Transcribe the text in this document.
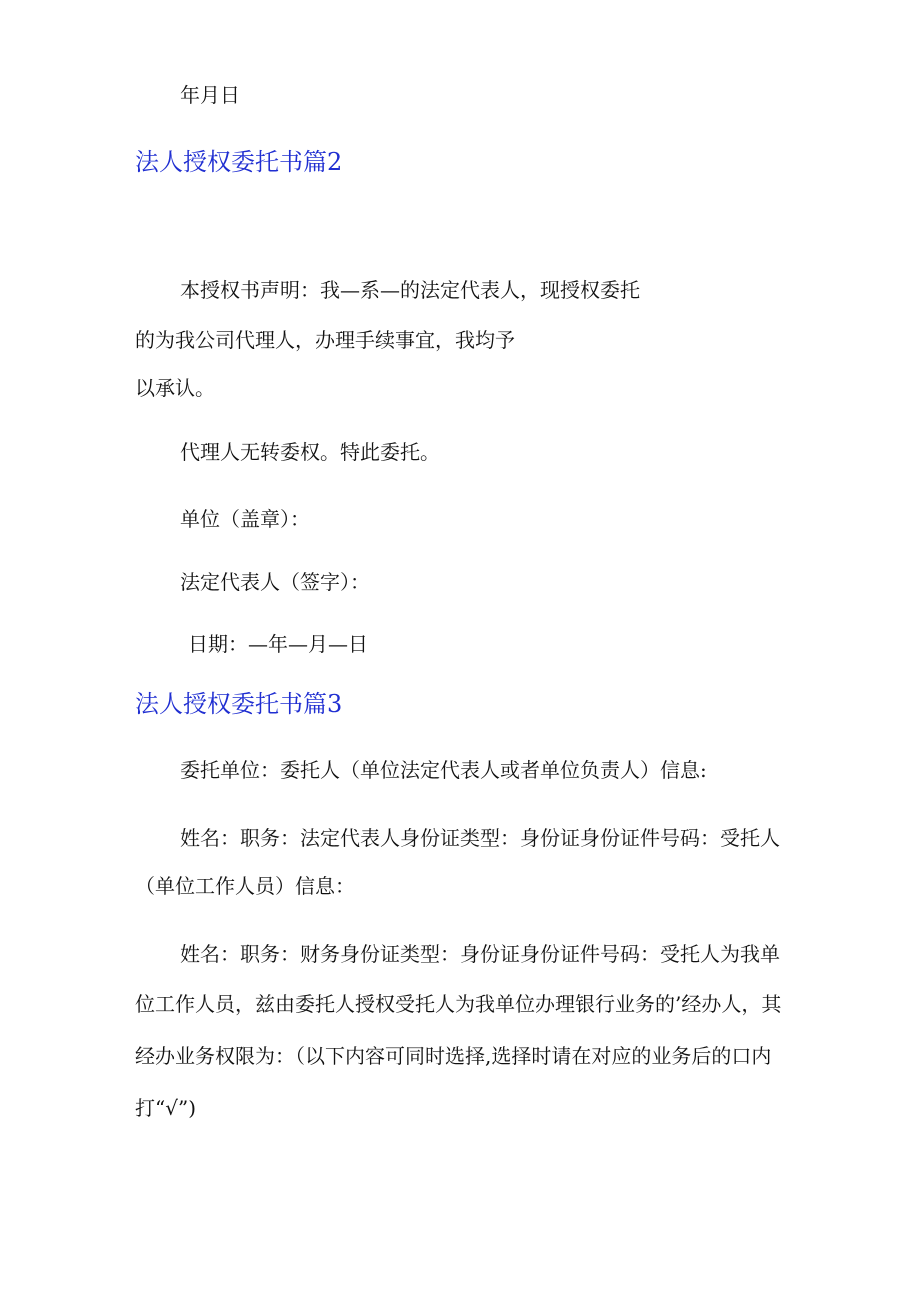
年月日
法人授权委托书篇2
本授权书声明：我—系—的法定代表人，现授权委托
的为我公司代理人，办理手续事宜，我均予
以承认。
代理人无转委权。特此委托。
单位（盖章）：
法定代表人（签字）：
日期：—年—月—日
法人授权委托书篇3
委托单位：委托人（单位法定代表人或者单位负责人）信息:
姓名：职务：法定代表人身份证类型：身份证身份证件号码：受托人
（单位工作人员）信息：
姓名：职务：财务身份证类型：身份证身份证件号码：受托人为我单
位工作人员，兹由委托人授权受托人为我单位办理银行业务的’经办人，其
经办业务权限为：（以下内容可同时选择,选择时请在对应的业务后的口内
打“√”)
